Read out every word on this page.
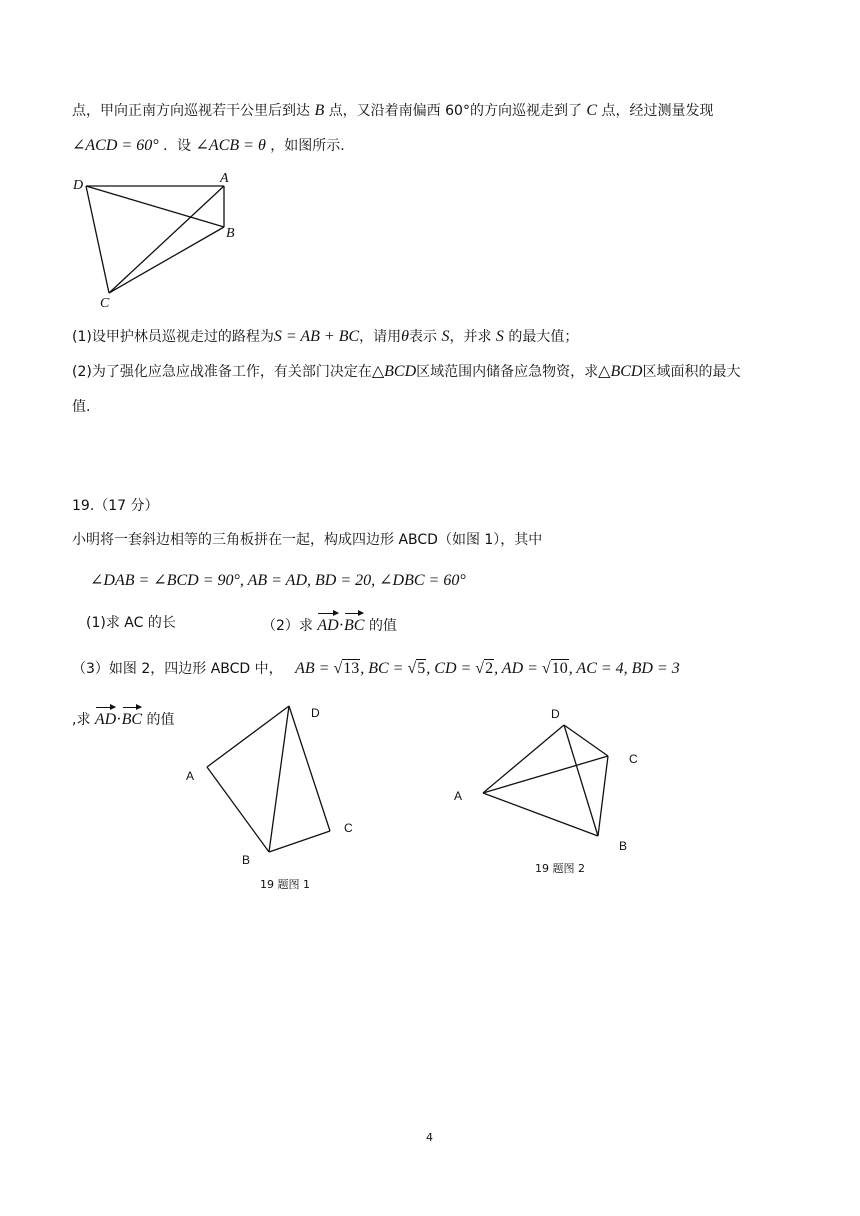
点，甲向正南方向巡视若干公里后到达 B 点，又沿着南偏西 60°的方向巡视走到了 C 点，经过测量发现
∠ACD = 60° ．设 ∠ACB = θ ，如图所示.
D	A
B
C
(1)设甲护林员巡视走过的路程为S = AB + BC，请用θ表示 S，并求 S 的最大值；
(2)为了强化应急应战准备工作，有关部门决定在△BCD区域范围内储备应急物资，求△BCD区域面积的最大
值.
19.（17 分）
小明将一套斜边相等的三角板拼在一起，构成四边形 ABCD（如图 1），其中
∠DAB = ∠BCD = 90°, AB = AD, BD = 20, ∠DBC = 60°
(1)求 AC 的长	（2）求 AD·BC 的值
（3）如图 2，四边形 ABCD 中， AB = √13, BC = √5, CD = √2, AD = √10, AC = 4, BD = 3
,求 AD·BC 的值
A
D
C
B
19 题图 1
D
C
A
B
19 题图 2
4
